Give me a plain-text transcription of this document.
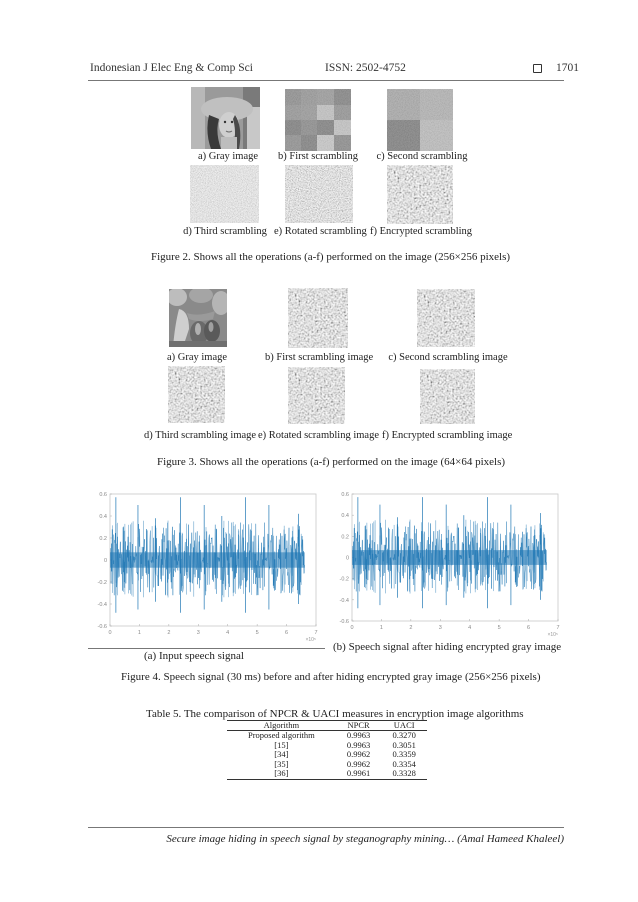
Indonesian J Elec Eng & Comp Sci	ISSN: 2502-4752	1701
a) Gray image	b) First scrambling c) Second scrambling
d) Third scrambling e) Rotated scrambling f) Encrypted scrambling
Figure 2. Shows all the operations (a-f) performed on the image (256×256 pixels)
a) Gray image	b) First scrambling image c) Second scrambling image
d) Third scrambling image e) Rotated scrambling image f) Encrypted scrambling image
Figure 3. Shows all the operations (a-f) performed on the image (64×64 pixels)
-0.6
-0.4
-0.2
0
0.2
0.4
0.6
0	1	2	3	4	5	6	7
×10⁵
(a) Input speech signal
-0.6
-0.4
-0.2
0
0.2
0.4
0.6
0	1	2	3	4	5	6	7
×10⁵
(b) Speech signal after hiding encrypted gray image
Figure 4. Speech signal (30 ms) before and after hiding encrypted gray image (256×256 pixels)
Table 5. The comparison of NPCR & UACI measures in encryption image algorithms
Algorithm	NPCR	UACI
Proposed algorithm	0.9963	0.3270
[15]	0.9963	0.3051
[34]	0.9962	0.3359
[35]	0.9962	0.3354
[36]	0.9961	0.3328
Secure image hiding in speech signal by steganography mining… (Amal Hameed Khaleel)
